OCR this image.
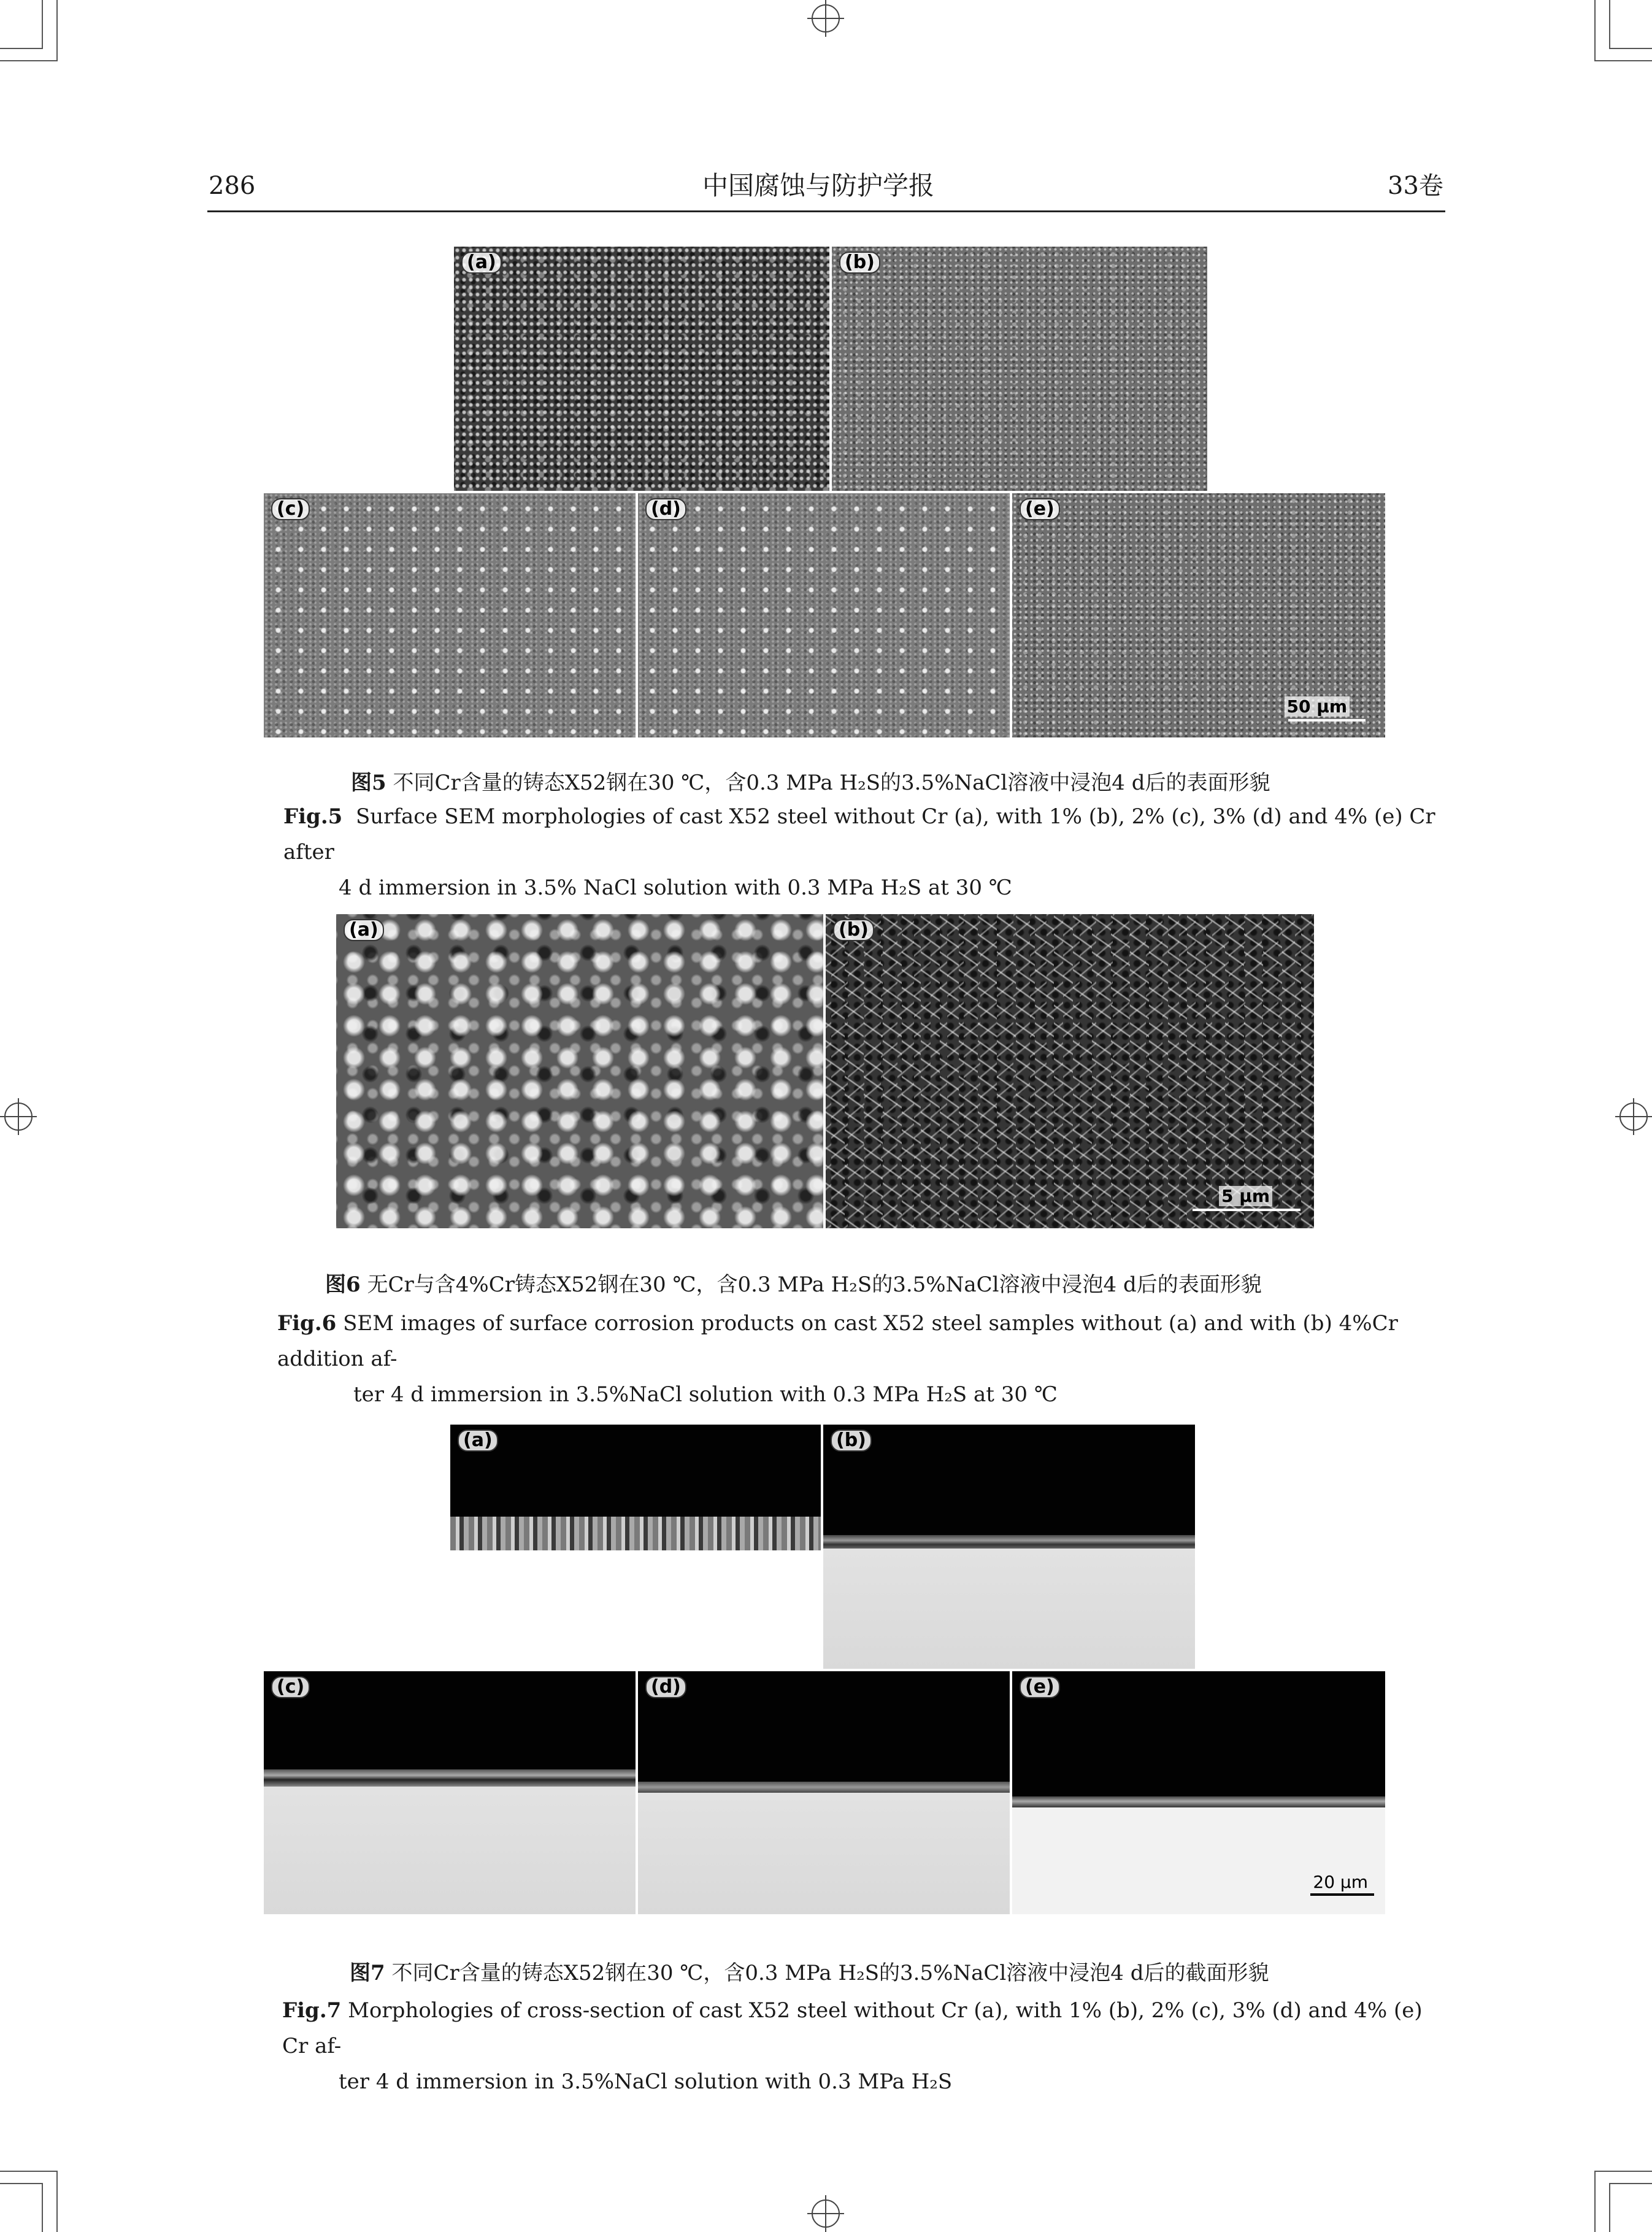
286	中国腐蚀与防护学报	33卷
(a)	(b)
(c)	(d)	(e)
50 μm
图5 不同Cr含量的铸态X52钢在30 ℃，含0.3 MPa H₂S的3.5%NaCl溶液中浸泡4 d后的表面形貌
Fig.5 Surface SEM morphologies of cast X52 steel without Cr (a), with 1% (b), 2% (c), 3% (d) and 4% (e) Cr after
4 d immersion in 3.5% NaCl solution with 0.3 MPa H₂S at 30 ℃
(a)	(b)
5 μm
图6 无Cr与含4%Cr铸态X52钢在30 ℃，含0.3 MPa H₂S的3.5%NaCl溶液中浸泡4 d后的表面形貌
Fig.6 SEM images of surface corrosion products on cast X52 steel samples without (a) and with (b) 4%Cr addition af-
ter 4 d immersion in 3.5%NaCl solution with 0.3 MPa H₂S at 30 ℃
(a)	(b)
(c)	(d)	(e)
20 μm
图7 不同Cr含量的铸态X52钢在30 ℃，含0.3 MPa H₂S的3.5%NaCl溶液中浸泡4 d后的截面形貌
Fig.7 Morphologies of cross-section of cast X52 steel without Cr (a), with 1% (b), 2% (c), 3% (d) and 4% (e) Cr af-
ter 4 d immersion in 3.5%NaCl solution with 0.3 MPa H₂S
